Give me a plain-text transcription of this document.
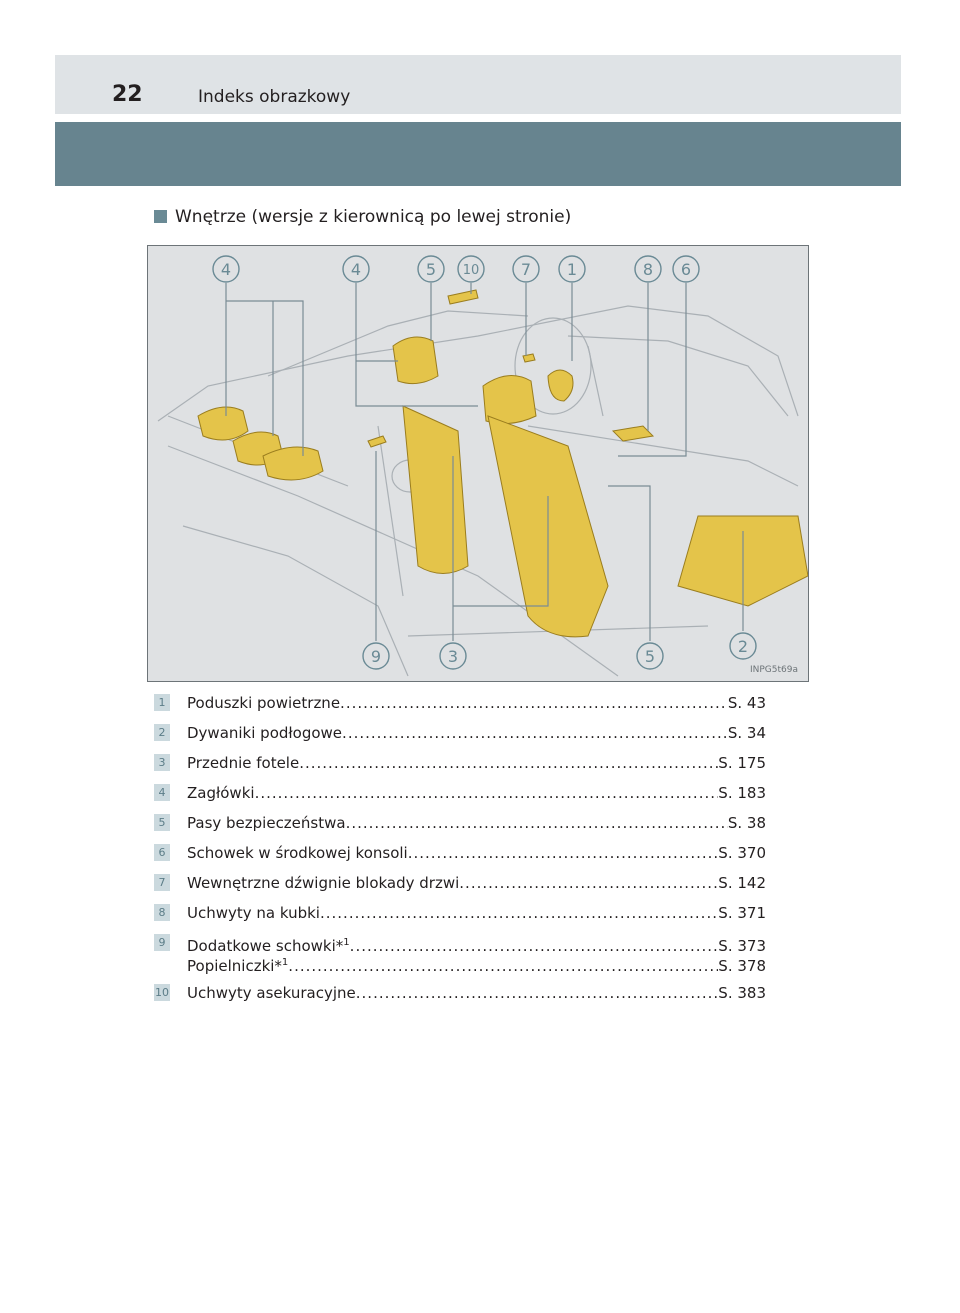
22	Indeks obrazkowy
Wnętrze (wersje z kierownicą po lewej stronie)
4	4	5 10	7 1	8 6
9	3	5
2
INPG5t69a
1	Poduszki powietrzne .....	S. 43
2	Dywaniki podłogowe .....	S. 34
3	Przednie fotele .....	S. 175
4	Zagłówki .....	S. 183
5	Pasy bezpieczeństwa .....	S. 38
6	Schowek w środkowej konsoli .....	S. 370
7	Wewnętrzne dźwignie blokady drzwi .....	S. 142
8	Uchwyty na kubki .....	S. 371
9	Dodatkowe schowki*$^1$ .....	S. 373
Popielniczki*$^1$ .....	S. 378
10 Uchwyty asekuracyjne .....	S. 383
